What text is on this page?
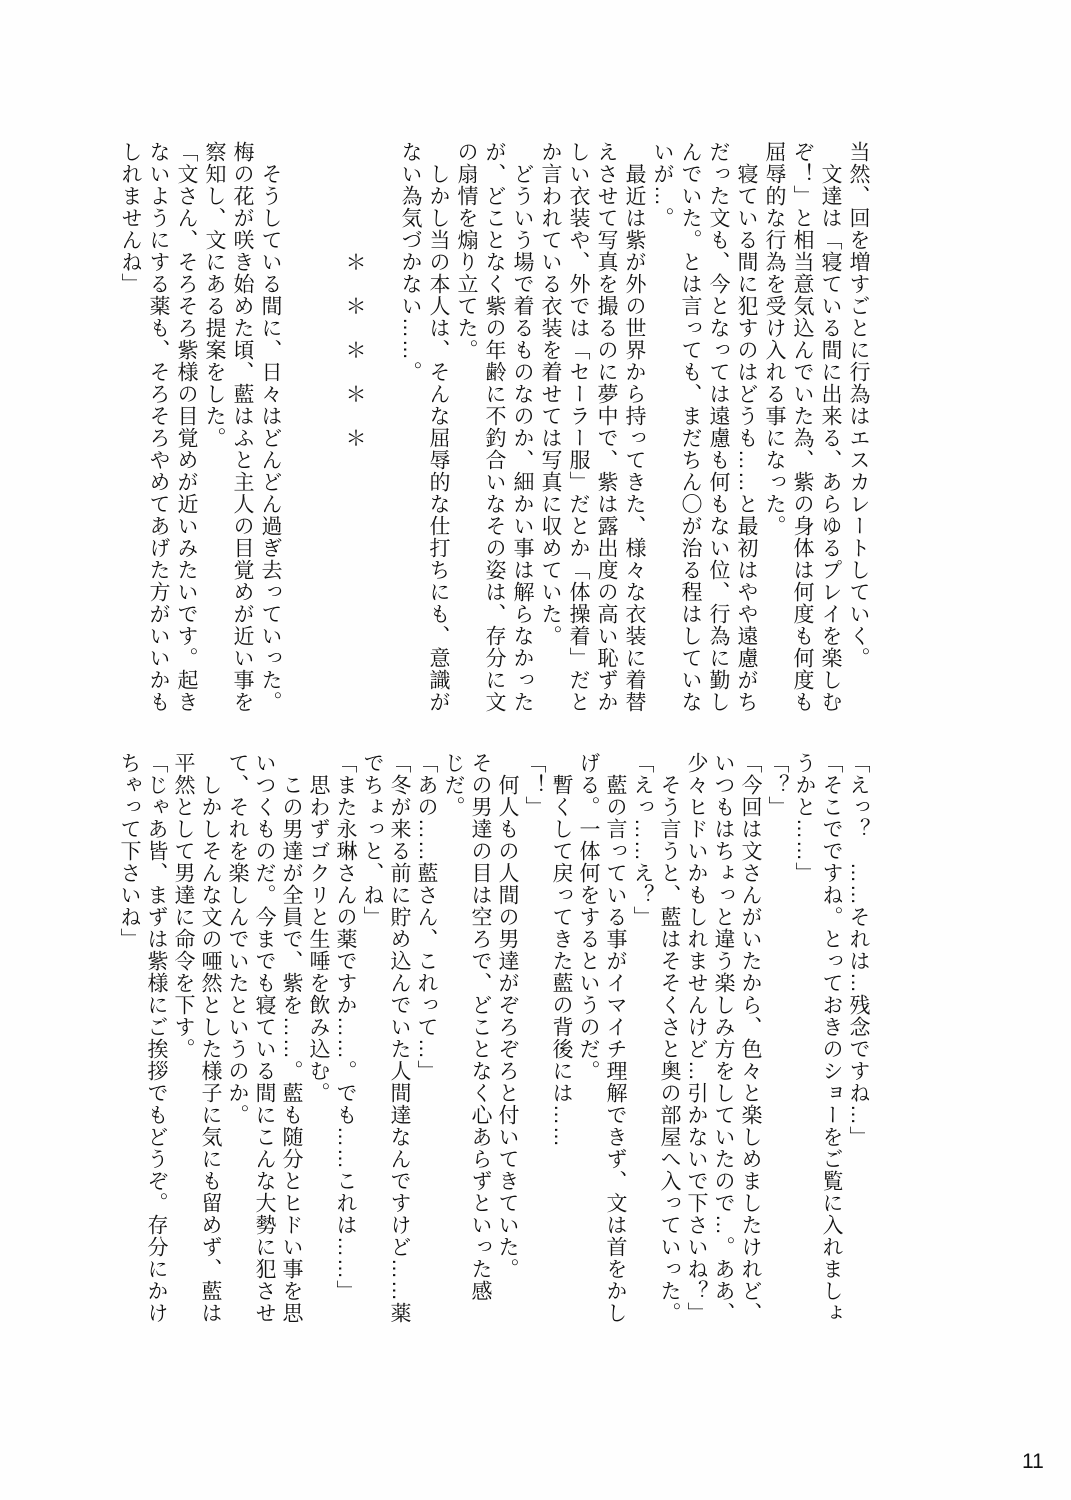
当然、回を増すごとに行為はエスカレートしていく。
　文達は「寝ている間に出来る、あらゆるプレイを楽しむ
ぞ！」と相当意気込んでいた為、紫の身体は何度も何度も
屈辱的な行為を受け入れる事になった。
　寝ている間に犯すのはどうも……と最初はやや遠慮がち
だった文も、今となっては遠慮も何もない位、行為に勤し
んでいた。とは言っても、まだちん〇が治る程はしていな
いが…。
　最近は紫が外の世界から持ってきた、様々な衣装に着替
えさせて写真を撮るのに夢中で、紫は露出度の高い恥ずか
しい衣装や、外では「セーラー服」だとか「体操着」だと
か言われている衣装を着せては写真に収めていた。
　どういう場で着るものなのか、細かい事は解らなかった
が、どことなく紫の年齢に不釣合いなその姿は、存分に文
の扇情を煽り立てた。
　しかし当の本人は、そんな屈辱的な仕打ちにも、意識が
ない為気づかない……。

　　　　　＊　＊　＊　＊　＊

　そうしている間に、日々はどんどん過ぎ去っていった。
梅の花が咲き始めた頃、藍はふと主人の目覚めが近い事を
察知し、文にある提案をした。
「文さん、そろそろ紫様の目覚めが近いみたいです。起き
ないようにする薬も、そろそろやめてあげた方がいいかも
しれませんね」
「えっ？　……それは…残念ですね…」
「そこでですね。とっておきのショーをご覧に入れましょ
うかと……」
「？」
「今回は文さんがいたから、色々と楽しめましたけれど、
いつもはちょっと違う楽しみ方をしていたので…。ああ、
少々ヒドいかもしれませんけど…引かないで下さいね？」
　そう言うと、藍はそそくさと奥の部屋へ入っていった。
「えっ……え？」
　藍の言っている事がイマイチ理解できず、文は首をかし
げる。一体何をするというのだ。
　暫くして戻ってきた藍の背後には……
「！」
　何人もの人間の男達がぞろぞろと付いてきていた。
その男達の目は空ろで、どことなく心あらずといった感
じだ。
「あの……藍さん、これって…」
「冬が来る前に貯め込んでいた人間達なんですけど……薬
でちょっと、ね」
「また永琳さんの薬ですか……。でも……これは……」
　思わずゴクリと生唾を飲み込む。
　この男達が全員で、紫を……。藍も随分とヒドい事を思
いつくものだ。今までも寝ている間にこんな大勢に犯させ
て、それを楽しんでいたというのか。
　しかしそんな文の唖然とした様子に気にも留めず、藍は
平然として男達に命令を下す。
「じゃあ皆、まずは紫様にご挨拶でもどうぞ。存分にかけ
ちゃって下さいね」
11
